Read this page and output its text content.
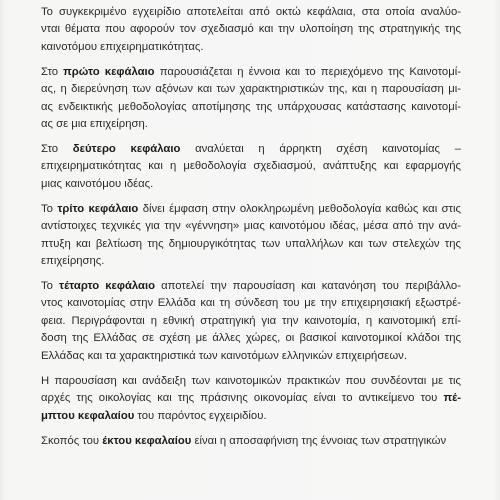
Το συγκεκριμένο εγχειρίδιο αποτελείται από οκτώ κεφάλαια, στα οποία αναλύο-
νται θέματα που αφορούν τον σχεδιασμό και την υλοποίηση της στρατηγικής της
καινοτόμου επιχειρηματικότητας.

Στο πρώτο κεφάλαιο παρουσιάζεται η έννοια και το περιεχόμενο της Καινοτομί-
ας, η διερεύνηση των αξόνων και των χαρακτηριστικών της, και η παρουσίαση μι-
ας ενδεικτικής μεθοδολογίας αποτίμησης της υπάρχουσας κατάστασης καινοτομί-
ας σε μια επιχείρηση.

Στο δεύτερο κεφάλαιο αναλύεται η άρρηκτη σχέση καινοτομίας –
επιχειρηματικότητας και η μεθοδολογία σχεδιασμού, ανάπτυξης και εφαρμογής
μιας καινοτόμου ιδέας.

Το τρίτο κεφάλαιο δίνει έμφαση στην ολοκληρωμένη μεθοδολογία καθώς και στις
αντίστοιχες τεχνικές για την «γέννηση» μιας καινοτόμου ιδέας, μέσα από την ανά-
πτυξη και βελτίωση της δημιουργικότητας των υπαλλήλων και των στελεχών της
επιχείρησης.

Το τέταρτο κεφάλαιο αποτελεί την παρουσίαση και κατανόηση του περιβάλλο-
ντος καινοτομίας στην Ελλάδα και τη σύνδεση του με την επιχειρησιακή εξωστρέ-
φεια. Περιγράφονται η εθνική στρατηγική για την καινοτομία, η καινοτομική επί-
δοση της Ελλάδας σε σχέση με άλλες χώρες, οι βασικοί καινοτομικοί κλάδοι της
Ελλάδας και τα χαρακτηριστικά των καινοτόμων ελληνικών επιχειρήσεων.

Η παρουσίαση και ανάδειξη των καινοτομικών πρακτικών που συνδέονται με τις
αρχές της οικολογίας και της πράσινης οικονομίας είναι το αντικείμενο του πέ-
μπτου κεφαλαίου του παρόντος εγχειριδίου.

Σκοπός του έκτου κεφαλαίου είναι η αποσαφήνιση της έννοιας των στρατηγικών
